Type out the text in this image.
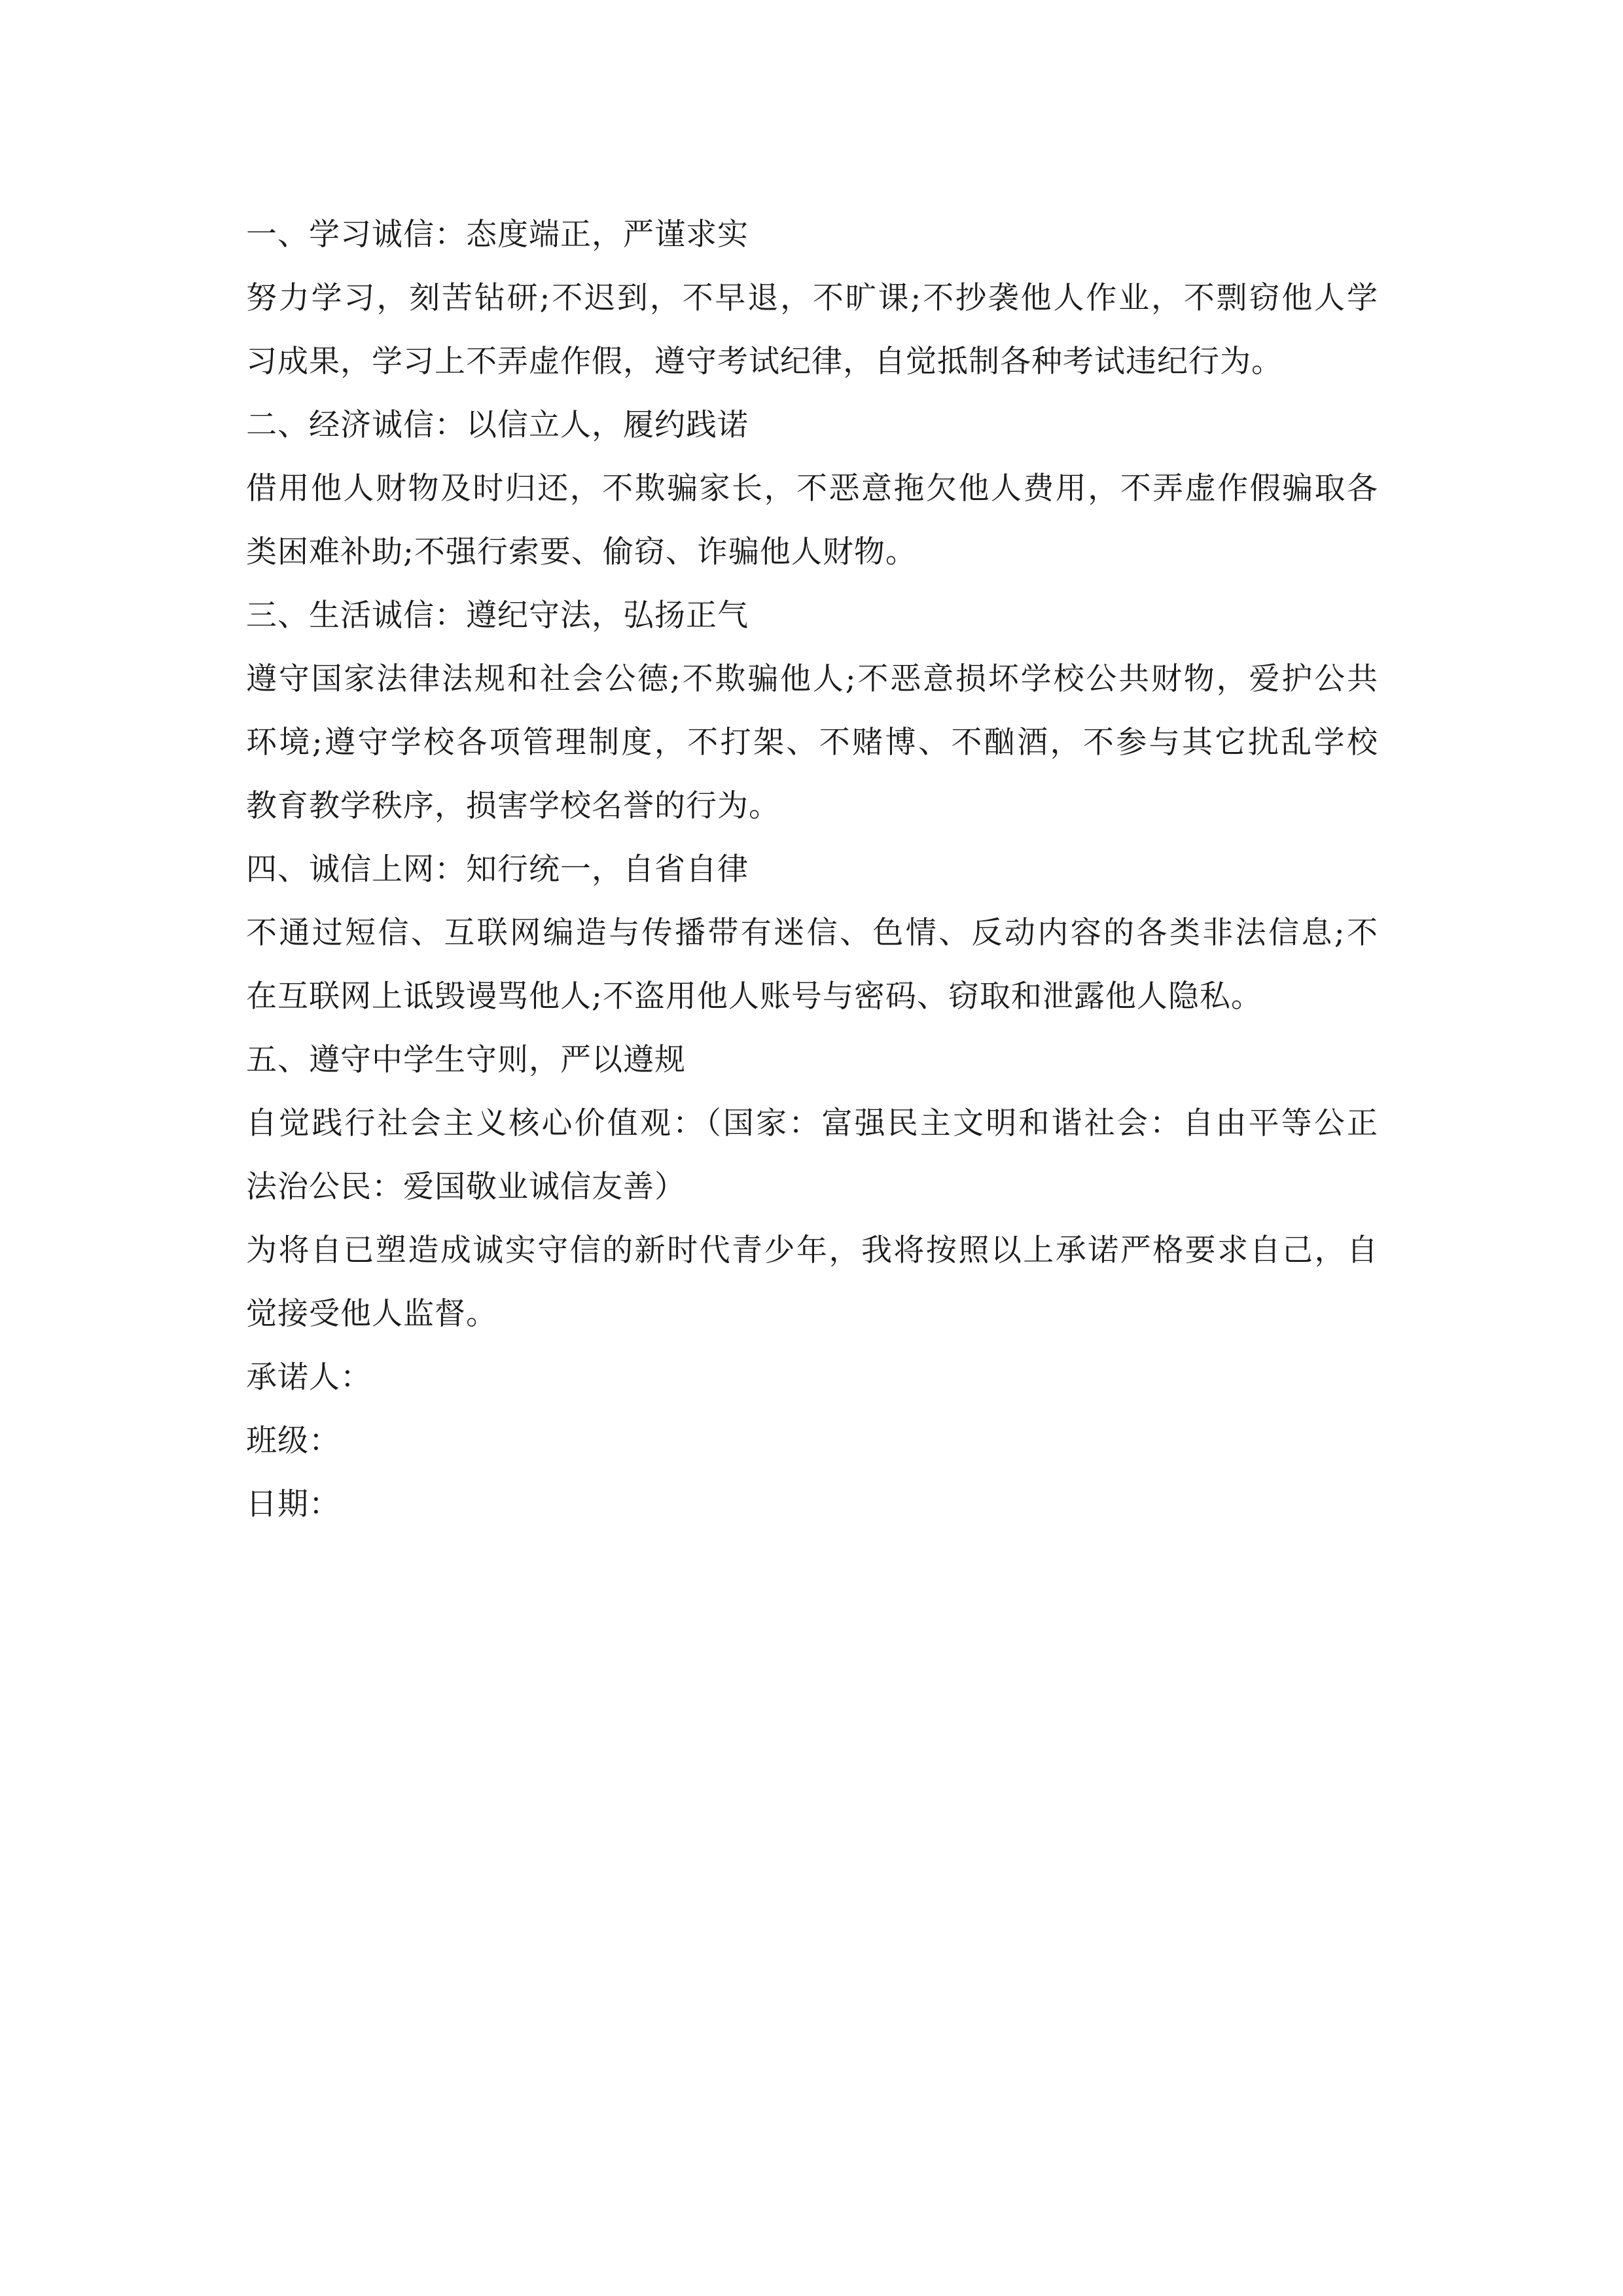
一、学习诚信：态度端正，严谨求实
努力学习，刻苦钻研;不迟到，不早退，不旷课;不抄袭他人作业，不剽窃他人学
习成果，学习上不弄虚作假，遵守考试纪律，自觉抵制各种考试违纪行为。
二、经济诚信：以信立人，履约践诺
借用他人财物及时归还，不欺骗家长，不恶意拖欠他人费用，不弄虚作假骗取各
类困难补助;不强行索要、偷窃、诈骗他人财物。
三、生活诚信：遵纪守法，弘扬正气
遵守国家法律法规和社会公德;不欺骗他人;不恶意损坏学校公共财物，爱护公共
环境;遵守学校各项管理制度，不打架、不赌博、不酗酒，不参与其它扰乱学校
教育教学秩序，损害学校名誉的行为。
四、诚信上网：知行统一，自省自律
不通过短信、互联网编造与传播带有迷信、色情、反动内容的各类非法信息;不
在互联网上诋毁谩骂他人;不盗用他人账号与密码、窃取和泄露他人隐私。
五、遵守中学生守则，严以遵规
自觉践行社会主义核心价值观：（国家：富强民主文明和谐社会：自由平等公正
法治公民：爱国敬业诚信友善）
为将自已塑造成诚实守信的新时代青少年，我将按照以上承诺严格要求自己，自
觉接受他人监督。
承诺人：
班级：
日期：
